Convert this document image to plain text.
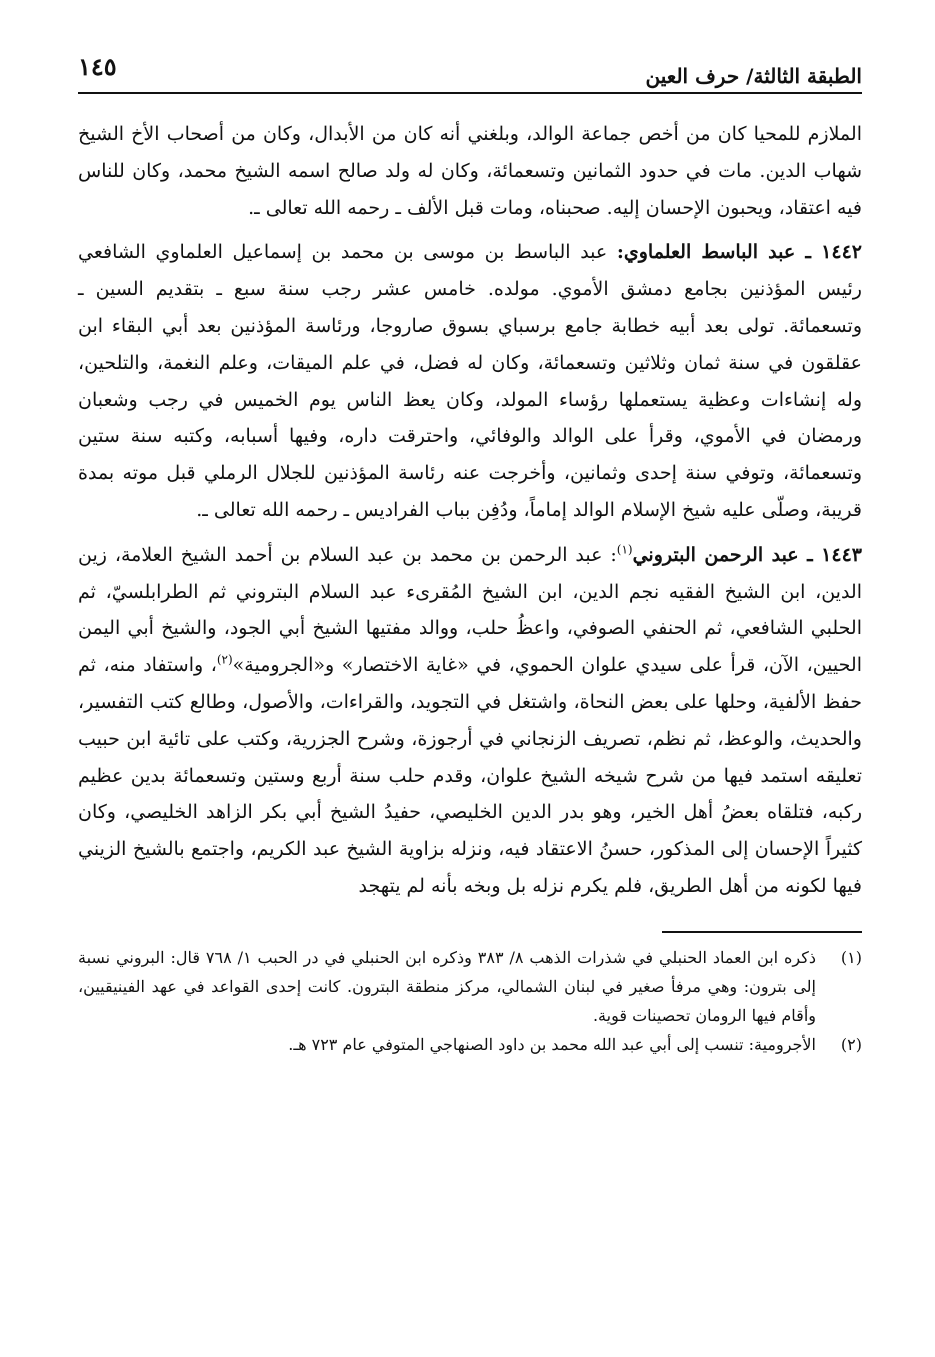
الطبقة الثالثة/ حرف العين
١٤٥

الملازم للمحيا كان من أخص جماعة الوالد، وبلغني أنه كان من الأبدال، وكان من أصحاب الأخ الشيخ شهاب الدين. مات في حدود الثمانين وتسعمائة، وكان له ولد صالح اسمه الشيخ محمد، وكان للناس فيه اعتقاد، ويحبون الإحسان إليه. صحبناه، ومات قبل الألف ـ رحمه الله تعالى ـ.

١٤٤٢ ـ عبد الباسط العلماوي: عبد الباسط بن موسى بن محمد بن إسماعيل العلماوي الشافعي رئيس المؤذنين بجامع دمشق الأموي. مولده. خامس عشر رجب سنة سبع ـ بتقديم السين ـ وتسعمائة. تولى بعد أبيه خطابة جامع برسباي بسوق صاروجا، ورئاسة المؤذنين بعد أبي البقاء ابن عقلقون في سنة ثمان وثلاثين وتسعمائة، وكان له فضل، في علم الميقات، وعلم النغمة، والتلحين، وله إنشاءات وعظية يستعملها رؤساء المولد، وكان يعظ الناس يوم الخميس في رجب وشعبان ورمضان في الأموي، وقرأ على الوالد والوفائي، واحترقت داره، وفيها أسبابه، وكتبه سنة ستين وتسعمائة، وتوفي سنة إحدى وثمانين، وأخرجت عنه رئاسة المؤذنين للجلال الرملي قبل موته بمدة قريبة، وصلّى عليه شيخ الإسلام الوالد إماماً، ودُفِن بباب الفراديس ـ رحمه الله تعالى ـ.

١٤٤٣ ـ عبد الرحمن البتروني$^{(١)}$: عبد الرحمن بن محمد بن عبد السلام بن أحمد الشيخ العلامة، زين الدين، ابن الشيخ الفقيه نجم الدين، ابن الشيخ المُقرىء عبد السلام البتروني ثم الطرابلسيّ، ثم الحلبي الشافعي، ثم الحنفي الصوفي، واعظُ حلب، ووالد مفتيها الشيخ أبي الجود، والشيخ أبي اليمن الحيين، الآن، قرأ على سيدي علوان الحموي، في «غاية الاختصار» و«الجرومية»$^{(٢)}$، واستفاد منه، ثم حفظ الألفية، وحلها على بعض النحاة، واشتغل في التجويد، والقراءات، والأصول، وطالع كتب التفسير، والحديث، والوعظ، ثم نظم، تصريف الزنجاني في أرجوزة، وشرح الجزرية، وكتب على تائية ابن حبيب تعليقه استمد فيها من شرح شيخه الشيخ علوان، وقدم حلب سنة أربع وستين وتسعمائة بدين عظيم ركبه، فتلقاه بعضُ أهل الخير، وهو بدر الدين الخليصي، حفيدُ الشيخ أبي بكر الزاهد الخليصي، وكان كثيراً الإحسان إلى المذكور، حسنُ الاعتقاد فيه، ونزله بزاوية الشيخ عبد الكريم، واجتمع بالشيخ الزيني فيها لكونه من أهل الطريق، فلم يكرم نزله بل وبخه بأنه لم يتهجد

(١)
ذكره ابن العماد الحنبلي في شذرات الذهب ٨/ ٣٨٣ وذكره ابن الحنبلي في در الحبب ١/ ٧٦٨ قال: البروني نسبة إلى بترون: وهي مرفأ صغير في لبنان الشمالي، مركز منطقة البترون. كانت إحدى القواعد في عهد الفينيقيين، وأقام فيها الرومان تحصينات قوية.
(٢)
الأجرومية: تنسب إلى أبي عبد الله محمد بن داود الصنهاجي المتوفي عام ٧٢٣ هـ.
